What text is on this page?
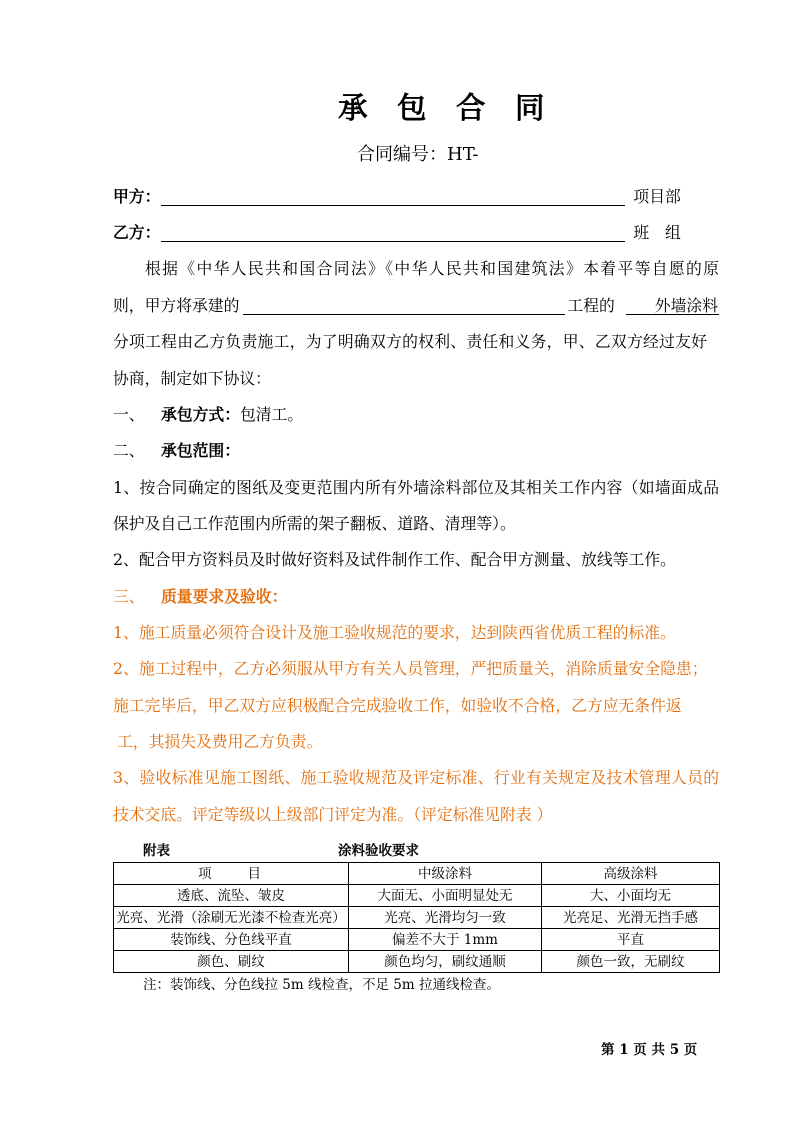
承　包　合　同
合同编号：HT-
甲方：	项目部
乙方：	班　组
根据《中华人民共和国合同法》《中华人民共和国建筑法》本着平等自愿的原
则，甲方将承建的	工程的	外墙涂料
分项工程由乙方负责施工，为了明确双方的权利、责任和义务，甲、乙双方经过友好
协商，制定如下协议：
一、	承包方式： 包清工。
二、	承包范围：
1、按合同确定的图纸及变更范围内所有外墙涂料部位及其相关工作内容（如墙面成品
保护及自己工作范围内所需的架子翻板、道路、清理等）。
2、配合甲方资料员及时做好资料及试件制作工作、配合甲方测量、放线等工作。
三、	质量要求及验收：
1、施工质量必须符合设计及施工验收规范的要求，达到陕西省优质工程的标准。
2、施工过程中，乙方必须服从甲方有关人员管理，严把质量关，消除质量安全隐患；
施工完毕后，甲乙双方应积极配合完成验收工作，如验收不合格，乙方应无条件返
工，其损失及费用乙方负责。
3、验收标准见施工图纸、施工验收规范及评定标准、行业有关规定及技术管理人员的
技术交底。评定等级以上级部门评定为准。（评定标准见附表 ）
附表	涂料验收要求
项　　目	中级涂料	高级涂料
透底、流坠、皱皮	大面无、小面明显处无	大、小面均无
光亮、光滑（涂刷无光漆不检查光亮）	光亮、光滑均匀一致	光亮足、光滑无挡手感
装饰线、分色线平直	偏差不大于 1mm	平直
颜色、刷纹	颜色均匀，刷纹通顺	颜色一致，无刷纹
注：装饰线、分色线拉 5m 线检查，不足 5m 拉通线检查。
第 1 页 共 5 页
